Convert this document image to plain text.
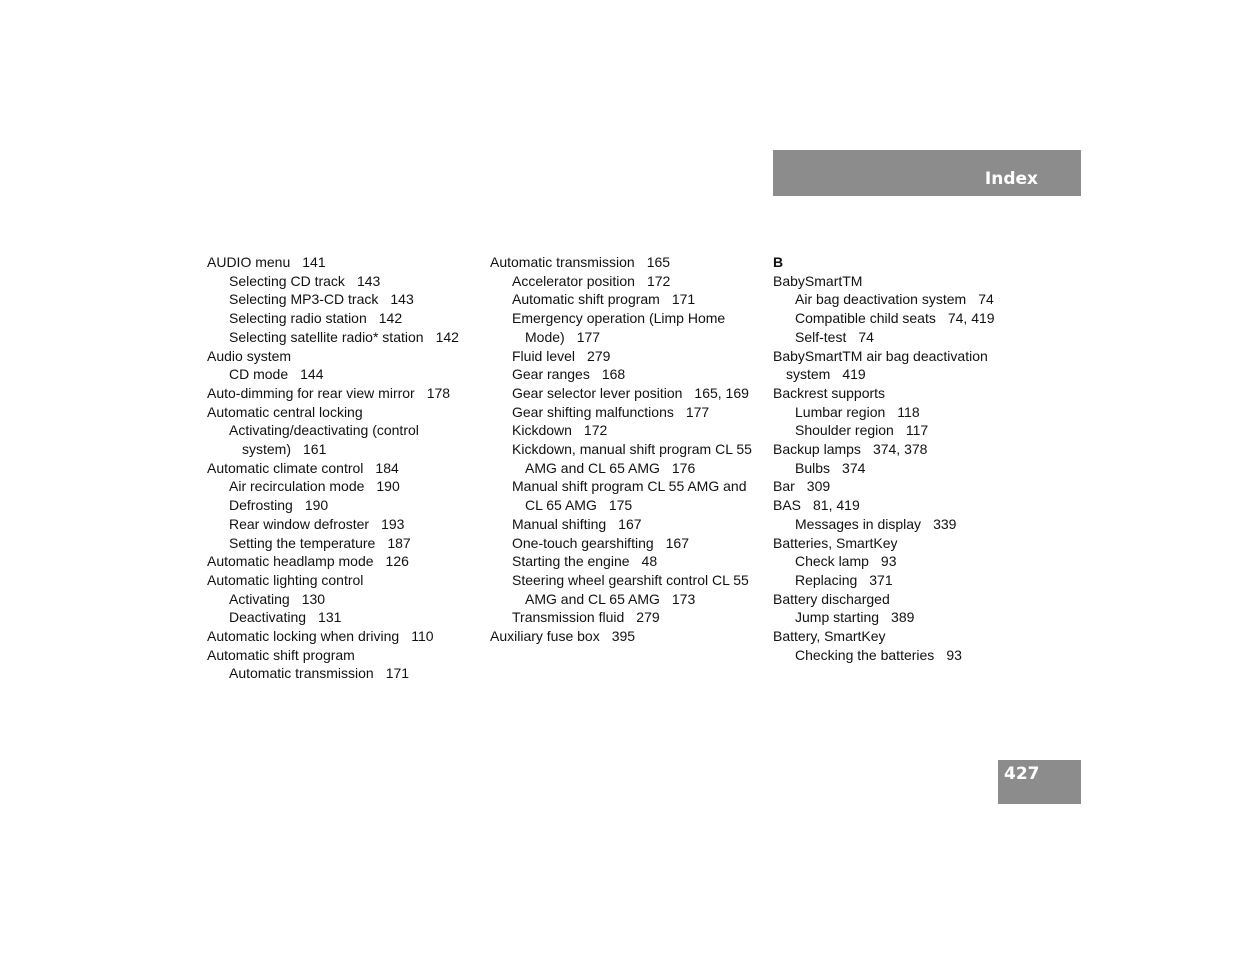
Index
AUDIO menu 141
Selecting CD track 143
Selecting MP3-CD track 143
Selecting radio station 142
Selecting satellite radio* station 142
Audio system
CD mode 144
Auto-dimming for rear view mirror 178
Automatic central locking
Activating/deactivating (control
system) 161
Automatic climate control 184
Air recirculation mode 190
Defrosting 190
Rear window defroster 193
Setting the temperature 187
Automatic headlamp mode 126
Automatic lighting control
Activating 130
Deactivating 131
Automatic locking when driving 110
Automatic shift program
Automatic transmission 171
Automatic transmission 165
Accelerator position 172
Automatic shift program 171
Emergency operation (Limp Home
Mode) 177
Fluid level 279
Gear ranges 168
Gear selector lever position 165, 169
Gear shifting malfunctions 177
Kickdown 172
Kickdown, manual shift program CL 55
AMG and CL 65 AMG 176
Manual shift program CL 55 AMG and
CL 65 AMG 175
Manual shifting 167
One-touch gearshifting 167
Starting the engine 48
Steering wheel gearshift control CL 55
AMG and CL 65 AMG 173
Transmission fluid 279
Auxiliary fuse box 395
B
BabySmartTM
Air bag deactivation system 74
Compatible child seats 74, 419
Self-test 74
BabySmartTM air bag deactivation
system 419
Backrest supports
Lumbar region 118
Shoulder region 117
Backup lamps 374, 378
Bulbs 374
Bar 309
BAS 81, 419
Messages in display 339
Batteries, SmartKey
Check lamp 93
Replacing 371
Battery discharged
Jump starting 389
Battery, SmartKey
Checking the batteries 93
427
